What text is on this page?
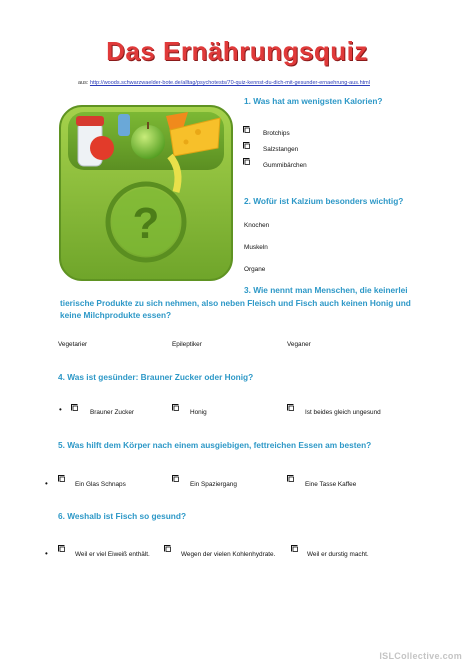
Das Ernährungsquiz
aus: http://woods.schwarzwaelder-bote.de/alltag/psychotests/70-quiz-kennst-du-dich-mit-gesunder-ernaehrung-aus.html
?
1. Was hat am wenigsten Kalorien?
Brotchips
Salzstangen
Gummibärchen
2. Wofür ist Kalzium besonders wichtig?
Knochen
Muskeln
Organe
3. Wie nennt man Menschen, die keinerlei
tierische Produkte zu sich nehmen, also neben Fleisch und Fisch auch keinen Honig und keine Milchprodukte essen?
Vegetarier	Epileptiker	Veganer
4. Was ist gesünder: Brauner Zucker oder Honig?
•	Brauner Zucker	Honig	Ist beides gleich ungesund
5. Was hilft dem Körper nach einem ausgiebigen, fettreichen Essen am besten?
•	Ein Glas Schnaps	Ein Spaziergang	Eine Tasse Kaffee
6. Weshalb ist Fisch so gesund?
•	Weil er viel Eiweiß enthält.	Wegen der vielen Kohlenhydrate.	Weil er durstig macht.
ISLCollective.com
